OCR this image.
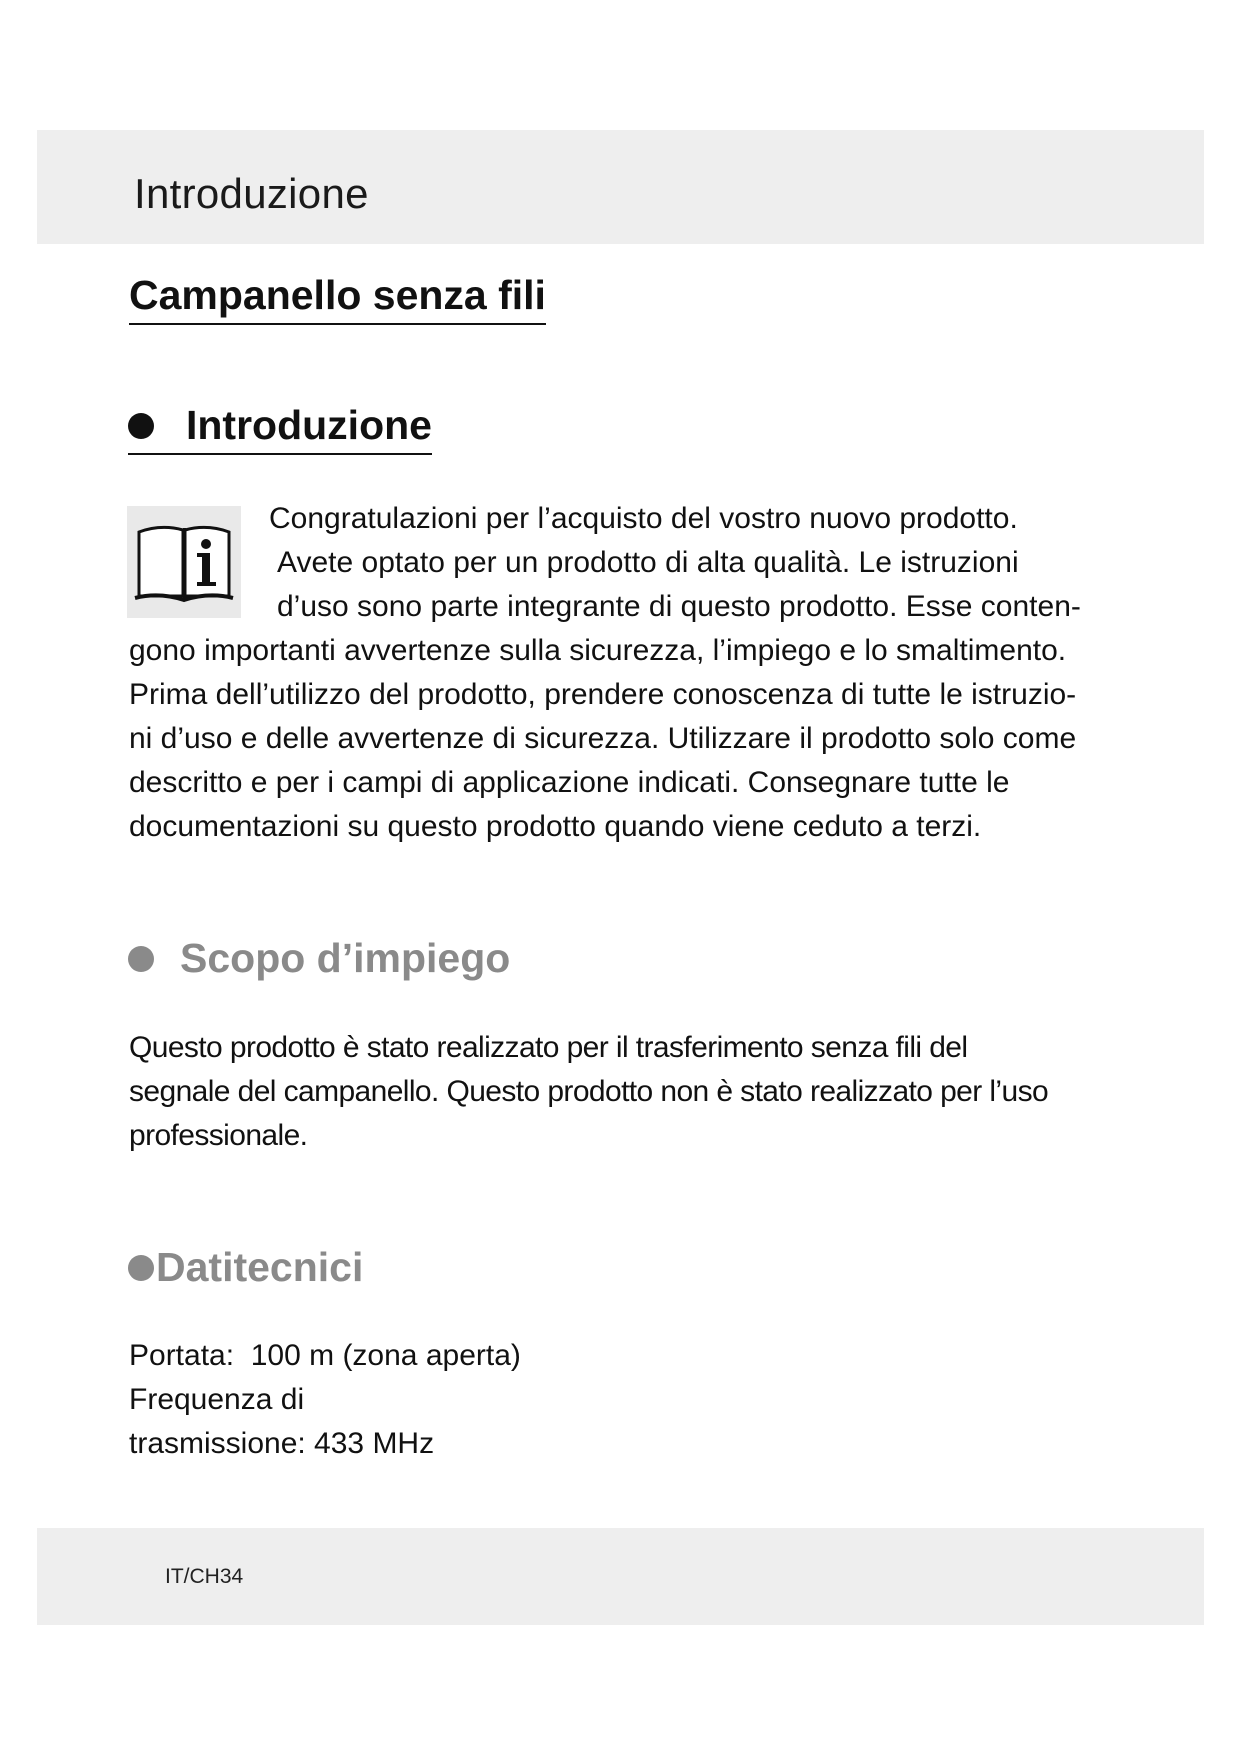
Introduzione
Campanello senza fili
Introduzione

Congratulazioni per l’acquisto del vostro nuovo prodotto.
Avete optato per un prodotto di alta qualità. Le istruzioni
d’uso sono parte integrante di questo prodotto. Esse conten-
gono importanti avvertenze sulla sicurezza, l’impiego e lo smaltimento.
Prima dell’utilizzo del prodotto, prendere conoscenza di tutte le istruzio-
ni d’uso e delle avvertenze di sicurezza. Utilizzare il prodotto solo come
descritto e per i campi di applicazione indicati. Consegnare tutte le
documentazioni su questo prodotto quando viene ceduto a terzi.

Scopo d’impiego

Questo prodotto è stato realizzato per il trasferimento senza fili del
segnale del campanello. Questo prodotto non è stato realizzato per l’uso
professionale.

Datitecnici

Portata:  100 m (zona aperta)
Frequenza di
trasmissione: 433 MHz

IT/CH34
